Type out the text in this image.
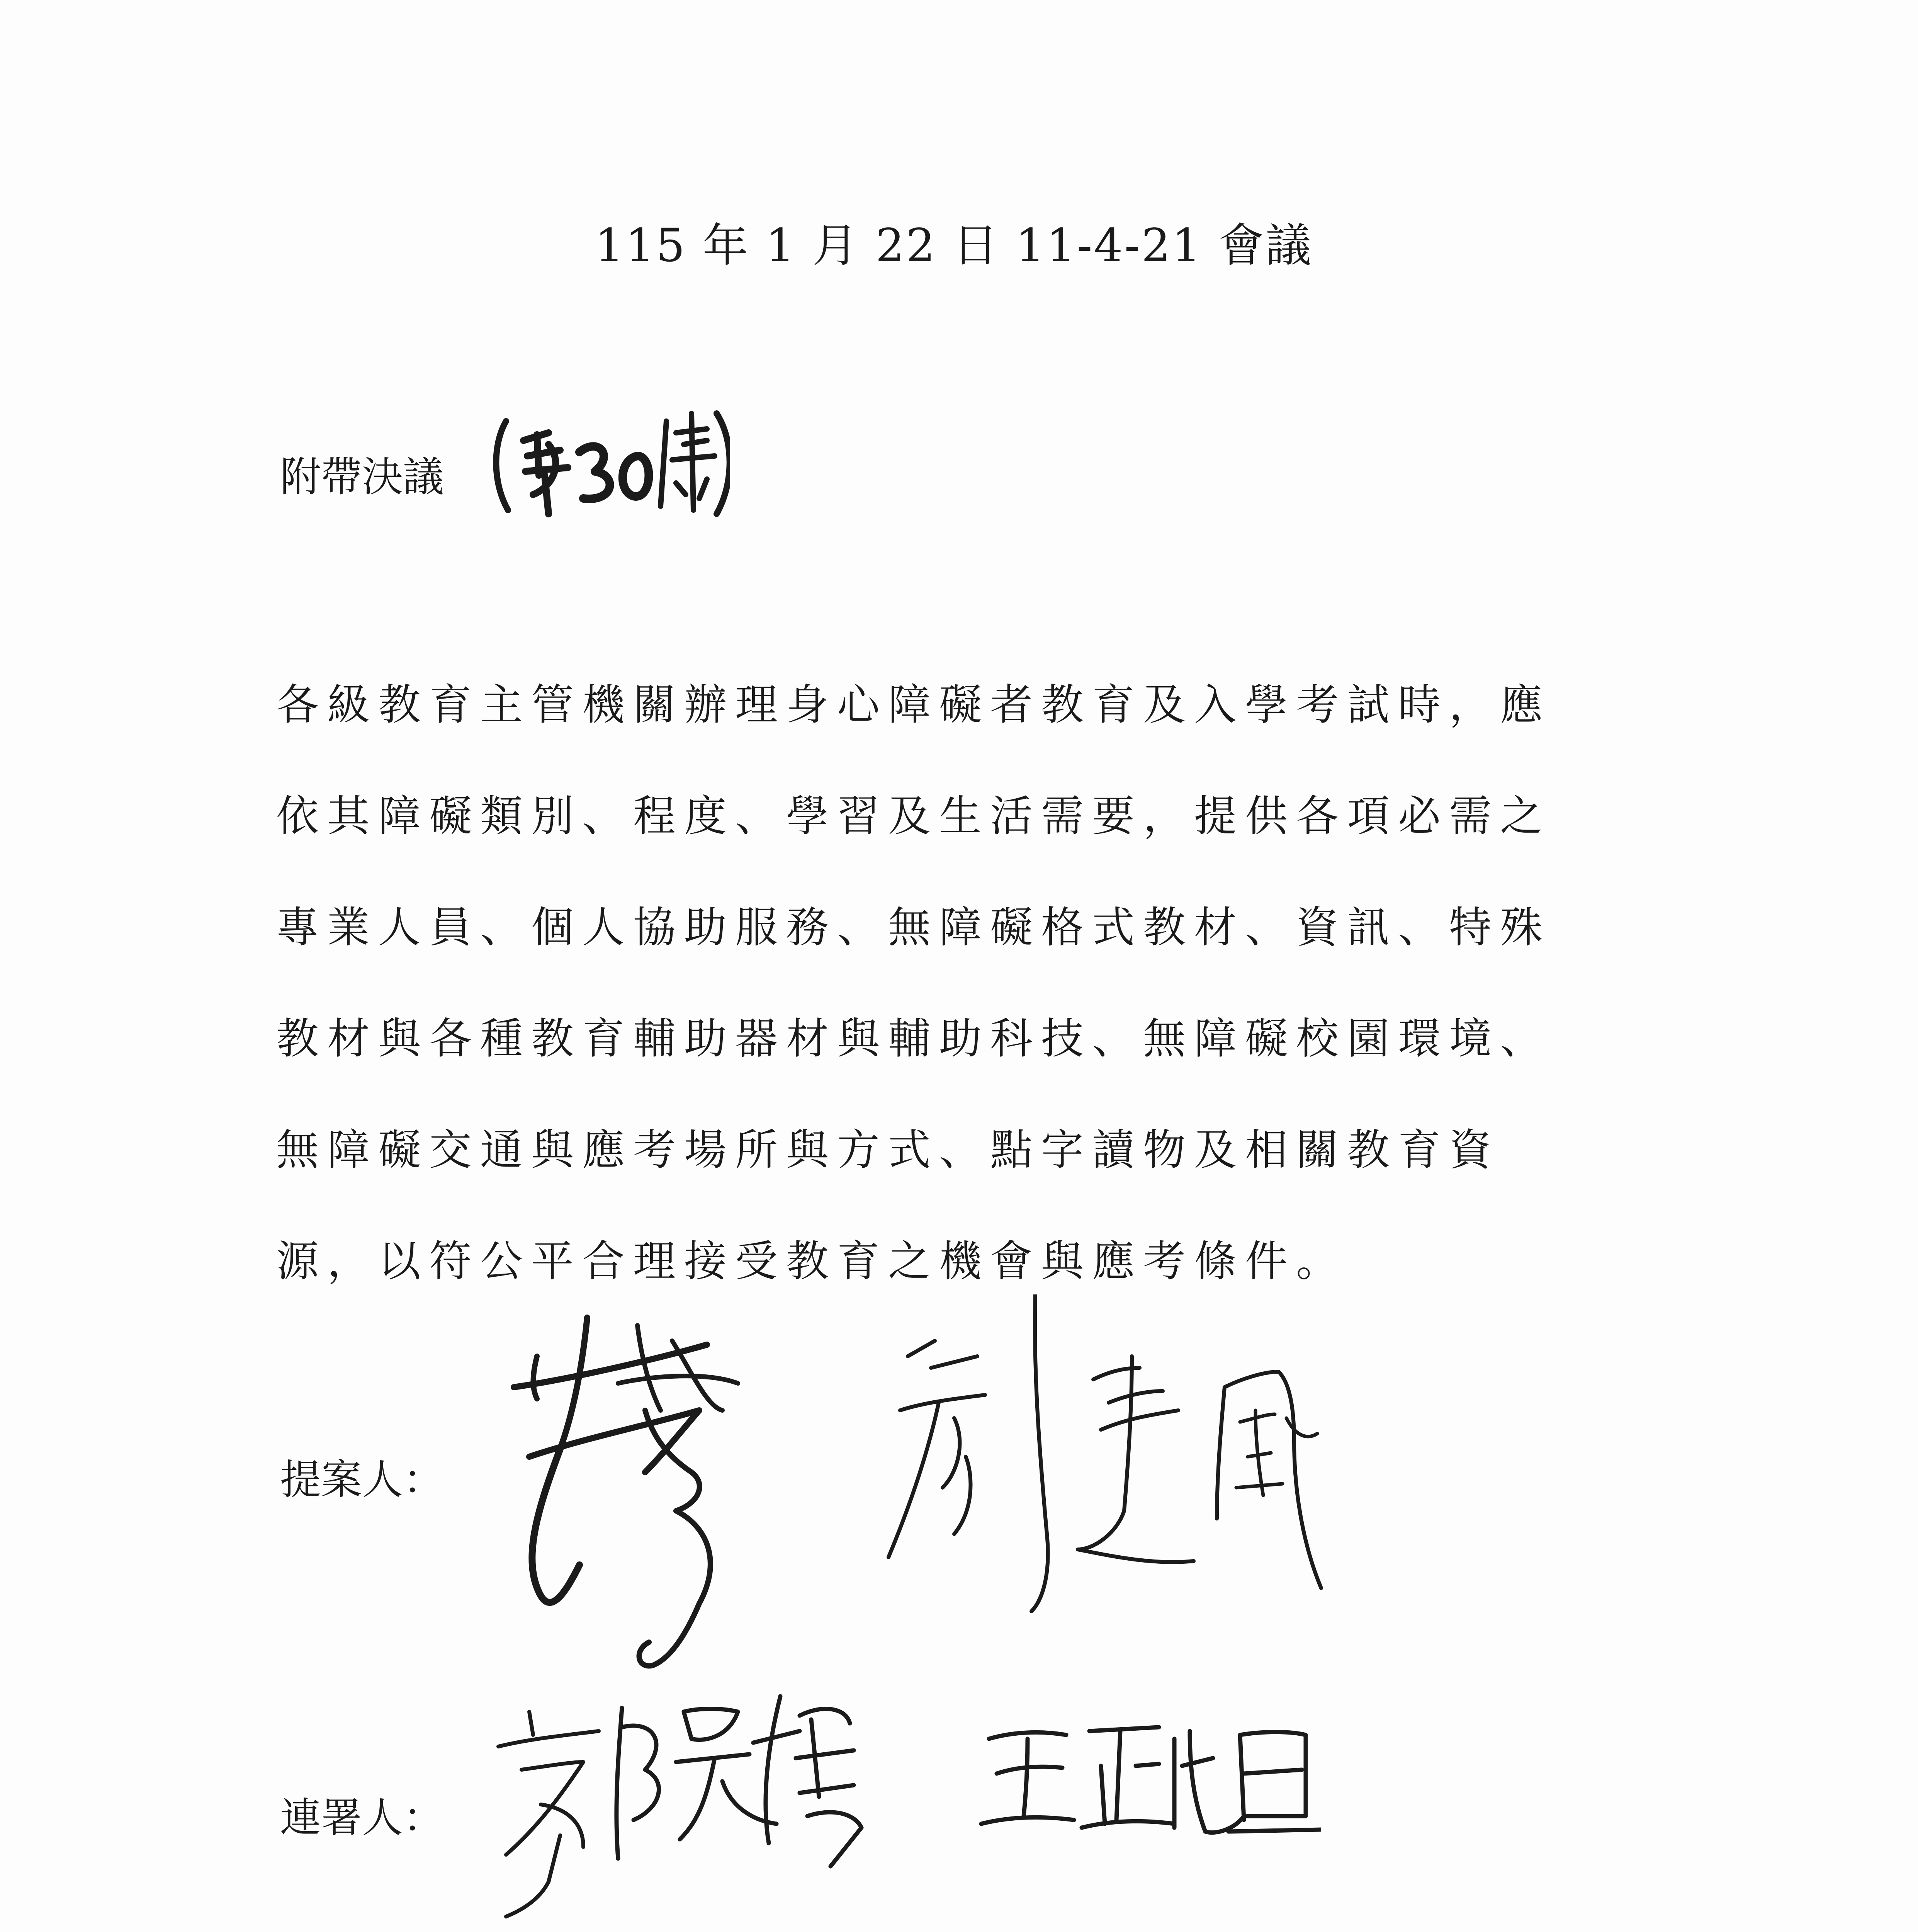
115 年 1 月 22 日 11-4-21 會議
附帶決議
各級教育主管機關辦理身心障礙者教育及入學考試時，應
依其障礙類別、程度、學習及生活需要，提供各項必需之
專業人員、個人協助服務、無障礙格式教材、資訊、特殊
教材與各種教育輔助器材與輔助科技、無障礙校園環境、
無障礙交通與應考場所與方式、點字讀物及相關教育資
源，以符公平合理接受教育之機會與應考條件。
提案人：
連署人：
